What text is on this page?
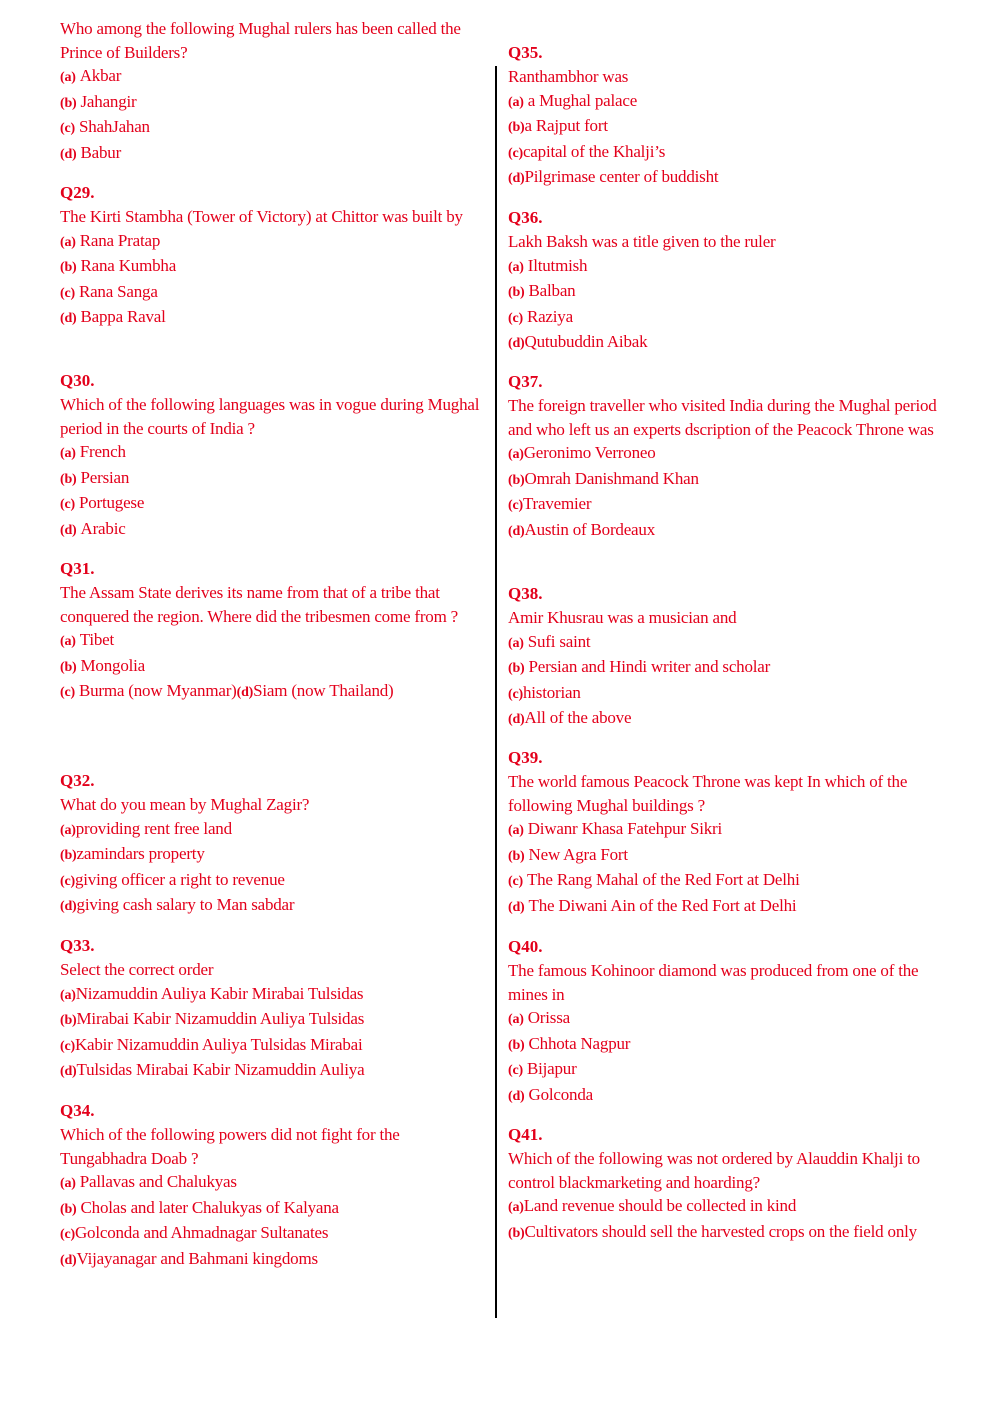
Who among the following Mughal rulers has been called the Prince of Builders?
(a) Akbar
(b) Jahangir
(c) ShahJahan
(d) Babur
Q29.
The Kirti Stambha (Tower of Victory) at Chittor was built by
(a) Rana Pratap
(b) Rana Kumbha
(c) Rana Sanga
(d) Bappa Raval
Q30.
Which of the following languages was in vogue during Mughal period in the courts of India ?
(a) French
(b) Persian
(c) Portugese
(d) Arabic
Q31.
The Assam State derives its name from that of a tribe that conquered the region. Where did the tribesmen come from ?
(a) Tibet
(b) Mongolia
(c) Burma (now Myanmar)(d)Siam (now Thailand)
Q32.
What do you mean by Mughal Zagir?
(a)providing rent free land
(b)zamindars property
(c)giving officer a right to revenue
(d)giving cash salary to Man sabdar
Q33.
Select the correct order
(a)Nizamuddin Auliya Kabir Mirabai Tulsidas
(b)Mirabai Kabir Nizamuddin Auliya Tulsidas
(c)Kabir Nizamuddin Auliya Tulsidas Mirabai
(d)Tulsidas Mirabai Kabir Nizamuddin Auliya
Q34.
Which of the following powers did not fight for the Tungabhadra Doab ?
(a) Pallavas and Chalukyas
(b) Cholas and later Chalukyas of Kalyana
(c)Golconda and Ahmadnagar Sultanates
(d)Vijayanagar and Bahmani kingdoms
Q35.
Ranthambhor was
(a) a Mughal palace
(b)a Rajput fort
(c)capital of the Khalji’s
(d)Pilgrimase center of buddisht
Q36.
Lakh Baksh was a title given to the ruler
(a) Iltutmish
(b) Balban
(c) Raziya
(d)Qutubuddin Aibak
Q37.
The foreign traveller who visited India during the Mughal period and who left us an experts dscription of the Peacock Throne was
(a)Geronimo Verroneo
(b)Omrah Danishmand Khan
(c)Travemier
(d)Austin of Bordeaux
Q38.
Amir Khusrau was a musician and
(a) Sufi saint
(b) Persian and Hindi writer and scholar
(c)historian
(d)All of the above
Q39.
The world famous Peacock Throne was kept In which of the following Mughal buildings ?
(a) Diwanr Khasa Fatehpur Sikri
(b) New Agra Fort
(c) The Rang Mahal of the Red Fort at Delhi
(d) The Diwani Ain of the Red Fort at Delhi
Q40.
The famous Kohinoor diamond was produced from one of the mines in
(a) Orissa
(b) Chhota Nagpur
(c) Bijapur
(d) Golconda
Q41.
Which of the following was not ordered by Alauddin Khalji to control blackmarketing and hoarding?
(a)Land revenue should be collected in kind
(b)Cultivators should sell the harvested crops on the field only
